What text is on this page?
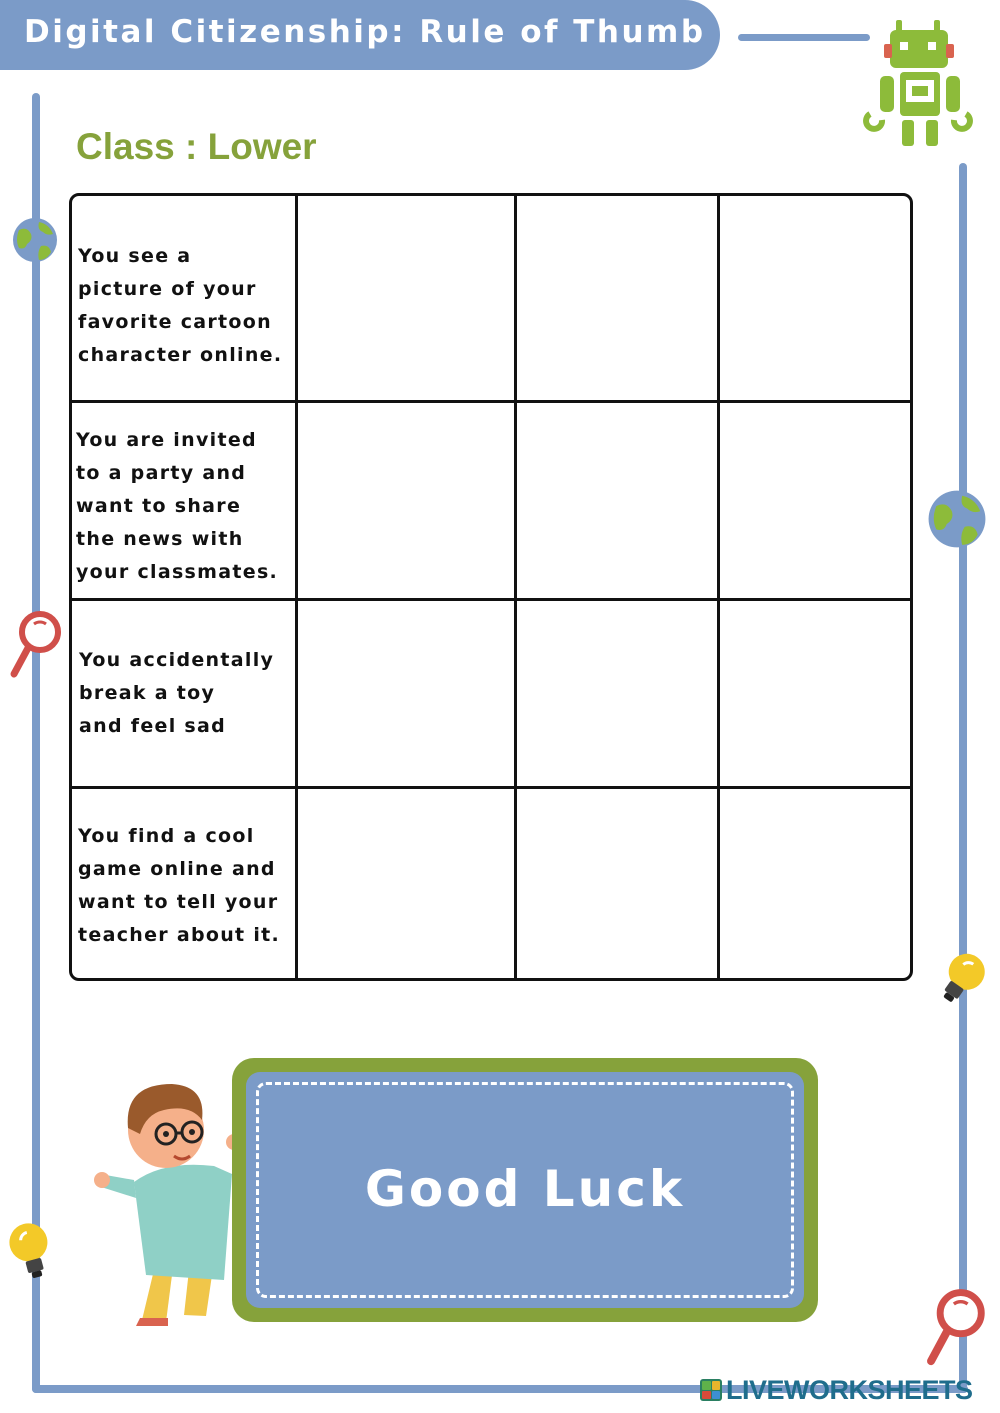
Digital Citizenship: Rule of Thumb
Class : Lower
You see a
picture of your
favorite cartoon
character online.
You are invited
to a party and
want to share
the news with
your classmates.
You accidentally
break a toy
and feel sad
You find a cool
game online and
want to tell your
teacher about it.
Good Luck
LIVEWORKSHEETS
